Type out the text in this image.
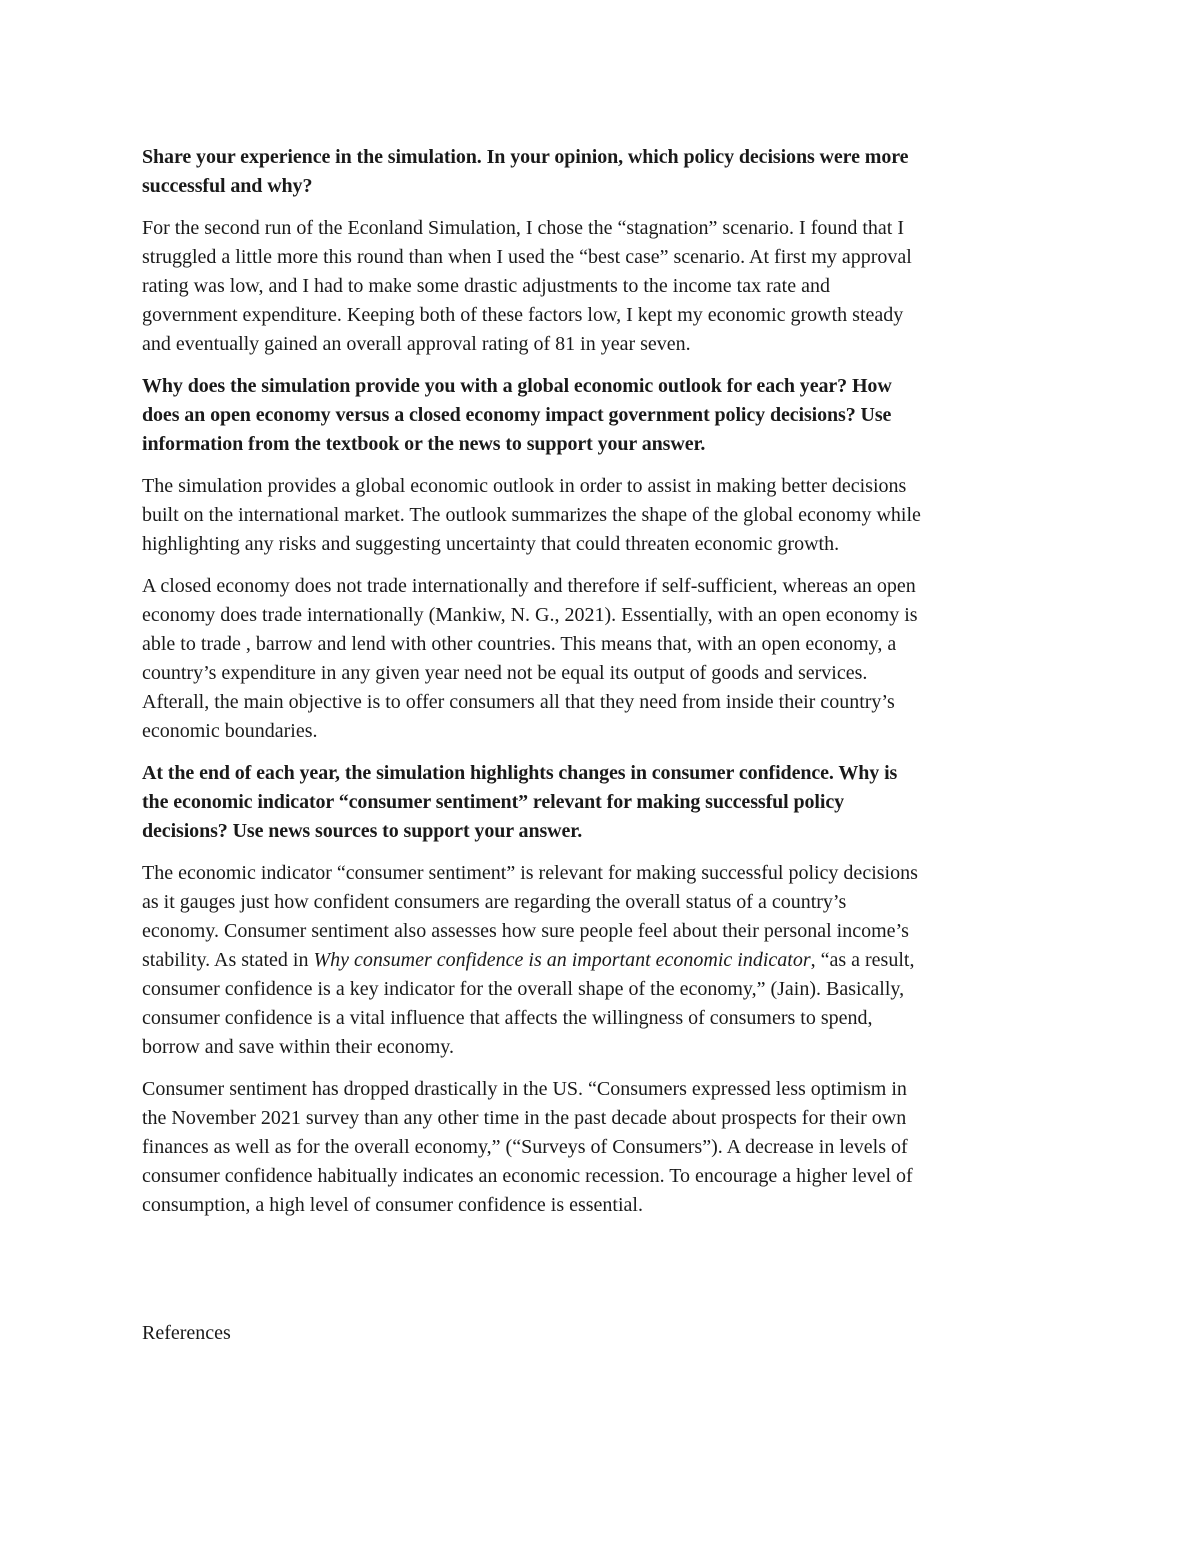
Share your experience in the simulation. In your opinion, which policy decisions were more
successful and why?
For the second run of the Econland Simulation, I chose the “stagnation” scenario. I found that I
struggled a little more this round than when I used the “best case” scenario. At first my approval
rating was low, and I had to make some drastic adjustments to the income tax rate and
government expenditure. Keeping both of these factors low, I kept my economic growth steady
and eventually gained an overall approval rating of 81 in year seven.
Why does the simulation provide you with a global economic outlook for each year? How
does an open economy versus a closed economy impact government policy decisions? Use
information from the textbook or the news to support your answer.
The simulation provides a global economic outlook in order to assist in making better decisions
built on the international market. The outlook summarizes the shape of the global economy while
highlighting any risks and suggesting uncertainty that could threaten economic growth.
A closed economy does not trade internationally and therefore if self-sufficient, whereas an open
economy does trade internationally (Mankiw, N. G., 2021). Essentially, with an open economy is
able to trade , barrow and lend with other countries. This means that, with an open economy, a
country’s expenditure in any given year need not be equal its output of goods and services.
Afterall, the main objective is to offer consumers all that they need from inside their country’s
economic boundaries.
At the end of each year, the simulation highlights changes in consumer confidence. Why is
the economic indicator “consumer sentiment” relevant for making successful policy
decisions? Use news sources to support your answer.
The economic indicator “consumer sentiment” is relevant for making successful policy decisions
as it gauges just how confident consumers are regarding the overall status of a country’s
economy. Consumer sentiment also assesses how sure people feel about their personal income’s
stability. As stated in Why consumer confidence is an important economic indicator, “as a result,
consumer confidence is a key indicator for the overall shape of the economy,” (Jain). Basically,
consumer confidence is a vital influence that affects the willingness of consumers to spend,
borrow and save within their economy.
Consumer sentiment has dropped drastically in the US. “Consumers expressed less optimism in
the November 2021 survey than any other time in the past decade about prospects for their own
finances as well as for the overall economy,” (“Surveys of Consumers”). A decrease in levels of
consumer confidence habitually indicates an economic recession. To encourage a higher level of
consumption, a high level of consumer confidence is essential.
References
